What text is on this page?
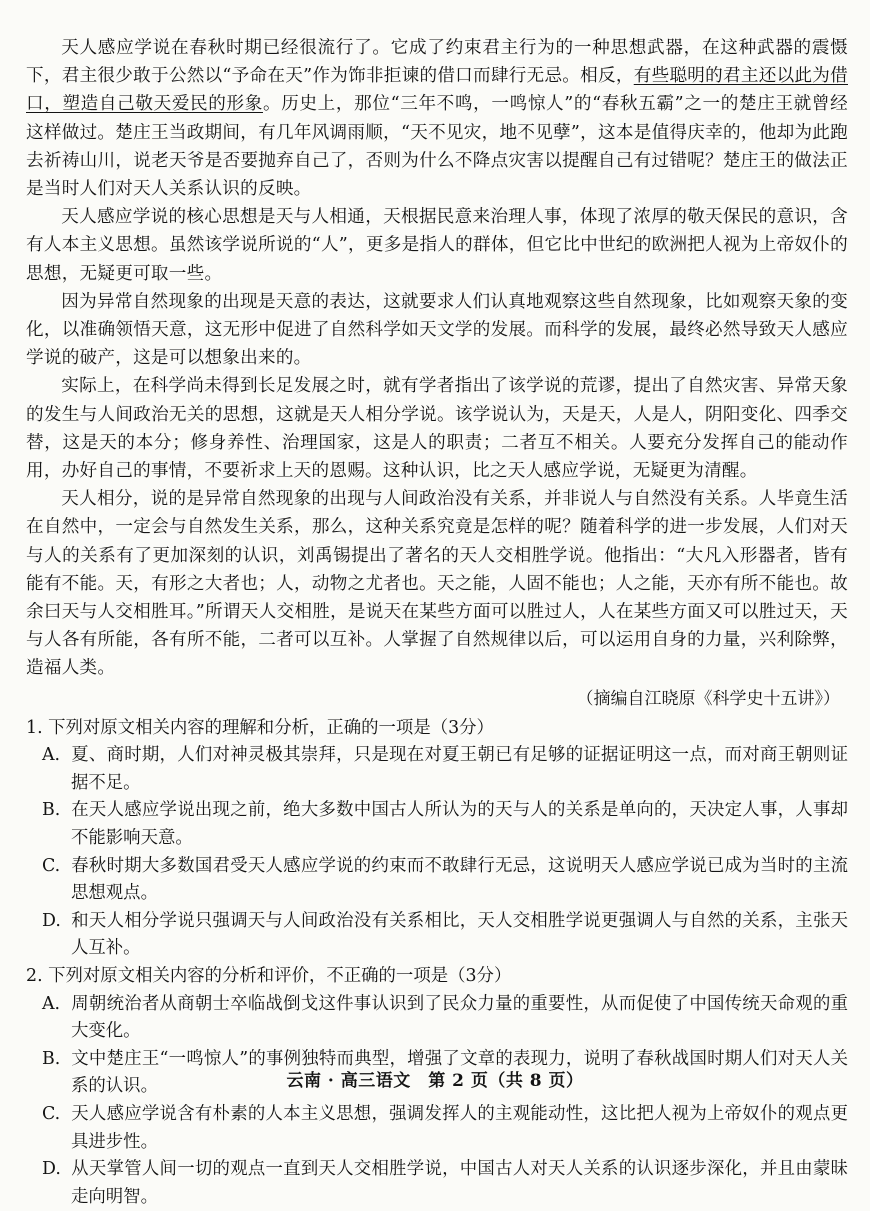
天人感应学说在春秋时期已经很流行了。它成了约束君主行为的一种思想武器，在这种武器的震慑下，君主很少敢于公然以“予命在天”作为饰非拒谏的借口而肆行无忌。相反，有些聪明的君主还以此为借口，塑造自己敬天爱民的形象。历史上，那位“三年不鸣，一鸣惊人”的“春秋五霸”之一的楚庄王就曾经这样做过。楚庄王当政期间，有几年风调雨顺，“天不见灾，地不见孽”，这本是值得庆幸的，他却为此跑去祈祷山川，说老天爷是否要抛弃自己了，否则为什么不降点灾害以提醒自己有过错呢？楚庄王的做法正是当时人们对天人关系认识的反映。

天人感应学说的核心思想是天与人相通，天根据民意来治理人事，体现了浓厚的敬天保民的意识，含有人本主义思想。虽然该学说所说的“人”，更多是指人的群体，但它比中世纪的欧洲把人视为上帝奴仆的思想，无疑更可取一些。

因为异常自然现象的出现是天意的表达，这就要求人们认真地观察这些自然现象，比如观察天象的变化，以准确领悟天意，这无形中促进了自然科学如天文学的发展。而科学的发展，最终必然导致天人感应学说的破产，这是可以想象出来的。

实际上，在科学尚未得到长足发展之时，就有学者指出了该学说的荒谬，提出了自然灾害、异常天象的发生与人间政治无关的思想，这就是天人相分学说。该学说认为，天是天，人是人，阴阳变化、四季交替，这是天的本分；修身养性、治理国家，这是人的职责；二者互不相关。人要充分发挥自己的能动作用，办好自己的事情，不要祈求上天的恩赐。这种认识，比之天人感应学说，无疑更为清醒。

天人相分，说的是异常自然现象的出现与人间政治没有关系，并非说人与自然没有关系。人毕竟生活在自然中，一定会与自然发生关系，那么，这种关系究竟是怎样的呢？随着科学的进一步发展，人们对天与人的关系有了更加深刻的认识，刘禹锡提出了著名的天人交相胜学说。他指出：“大凡入形器者，皆有能有不能。天，有形之大者也；人，动物之尤者也。天之能，人固不能也；人之能，天亦有所不能也。故余曰天与人交相胜耳。”所谓天人交相胜，是说天在某些方面可以胜过人，人在某些方面又可以胜过天，天与人各有所能，各有所不能，二者可以互补。人掌握了自然规律以后，可以运用自身的力量，兴利除弊，造福人类。

（摘编自江晓原《科学史十五讲》）

1. 下列对原文相关内容的理解和分析，正确的一项是（3分）

A. 夏、商时期，人们对神灵极其崇拜，只是现在对夏王朝已有足够的证据证明这一点，而对商王朝则证据不足。

B. 在天人感应学说出现之前，绝大多数中国古人所认为的天与人的关系是单向的，天决定人事，人事却不能影响天意。

C. 春秋时期大多数国君受天人感应学说的约束而不敢肆行无忌，这说明天人感应学说已成为当时的主流思想观点。

D. 和天人相分学说只强调天与人间政治没有关系相比，天人交相胜学说更强调人与自然的关系，主张天人互补。

2. 下列对原文相关内容的分析和评价，不正确的一项是（3分）

A. 周朝统治者从商朝士卒临战倒戈这件事认识到了民众力量的重要性，从而促使了中国传统天命观的重大变化。

B. 文中楚庄王“一鸣惊人”的事例独特而典型，增强了文章的表现力，说明了春秋战国时期人们对天人关系的认识。

C. 天人感应学说含有朴素的人本主义思想，强调发挥人的主观能动性，这比把人视为上帝奴仆的观点更具进步性。

D. 从天掌管人间一切的观点一直到天人交相胜学说，中国古人对天人关系的认识逐步深化，并且由蒙昧走向明智。

云南 · 高三语文　第 2 页（共 8 页）
